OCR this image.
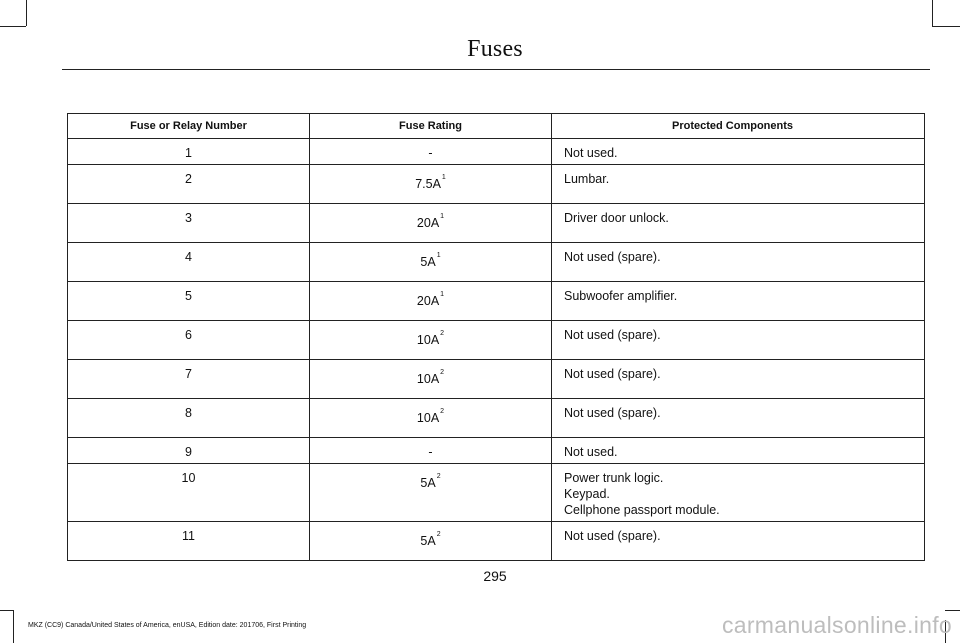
Fuses
Fuse or Relay Number	Fuse Rating	Protected Components
1	-	Not used.

2	$7.5A^1$	Lumbar.

3	$20A^1$	Driver door unlock.

4	$5A^1$	Not used (spare).

5	$20A^1$	Subwoofer amplifier.

6	$10A^2$	Not used (spare).

7	$10A^2$	Not used (spare).

8	$10A^2$	Not used (spare).

9	-	Not used.

10	$5A^2$	Power trunk logic.
Keypad.
Cellphone passport module.

11	$5A^2$	Not used (spare).
295
MKZ (CC9) Canada/United States of America, enUSA, Edition date: 201706, First Printing	carmanualsonline.info
